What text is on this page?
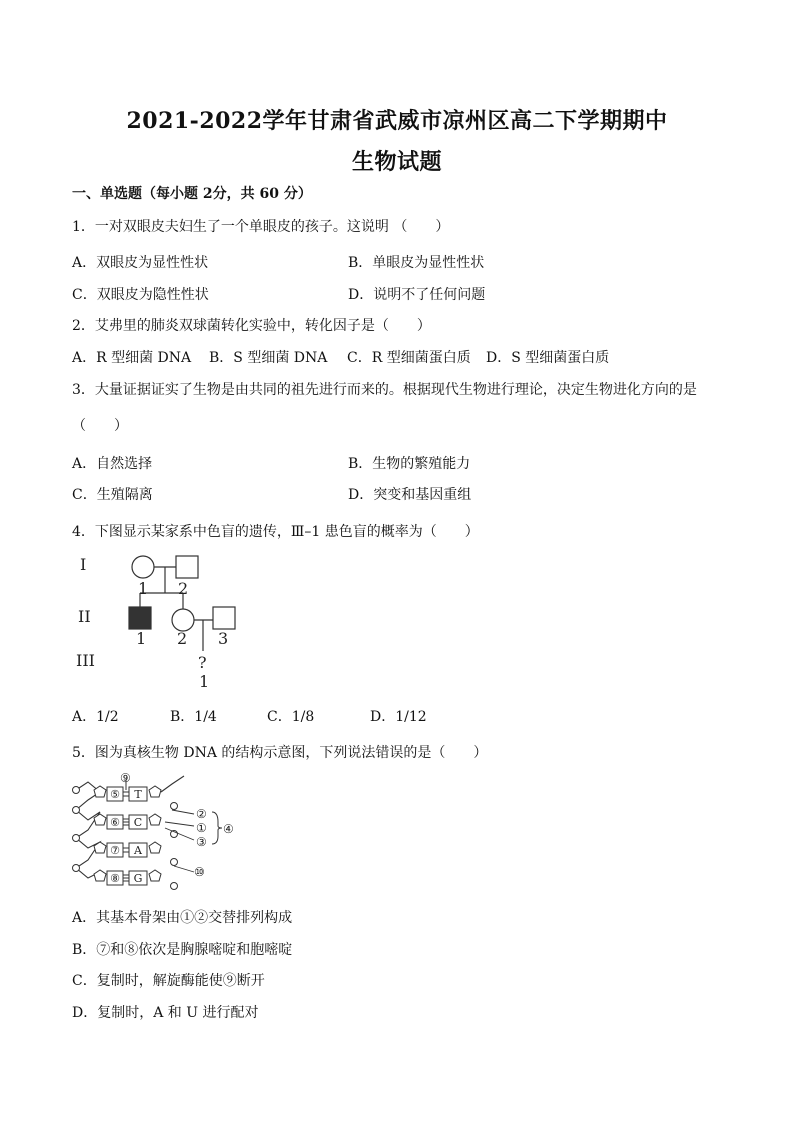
2021-2022学年甘肃省武威市凉州区高二下学期期中
生物试题
一、单选题（每小题 2分，共 60 分）
1．一对双眼皮夫妇生了一个单眼皮的孩子。这说明 （　　）
A．双眼皮为显性性状	B．单眼皮为显性性状
C．双眼皮为隐性性状	D．说明不了任何问题
2．艾弗里的肺炎双球菌转化实验中，转化因子是（　　）
A．R 型细菌 DNA B．S 型细菌 DNA C．R 型细菌蛋白质 D．S 型细菌蛋白质
3．大量证据证实了生物是由共同的祖先进行而来的。根据现代生物进行理论，决定生物进化方向的是
（　　）
A．自然选择	B．生物的繁殖能力
C．生殖隔离	D．突变和基因重组
4．下图显示某家系中色盲的遗传，Ⅲ–1 患色盲的概率为（　　）
I
II
III
1 2
1 2 3
?
1
A．1/2	B．1/4	C．1/8	D．1/12
5．图为真核生物 DNA 的结构示意图，下列说法错误的是（　　）
⑤
⑥
⑦
⑧
T
C
A
G
⑨
②
①
③
④
⑩
A．其基本骨架由①②交替排列构成
B．⑦和⑧依次是胸腺嘧啶和胞嘧啶
C．复制时，解旋酶能使⑨断开
D．复制时，A 和 U 进行配对
